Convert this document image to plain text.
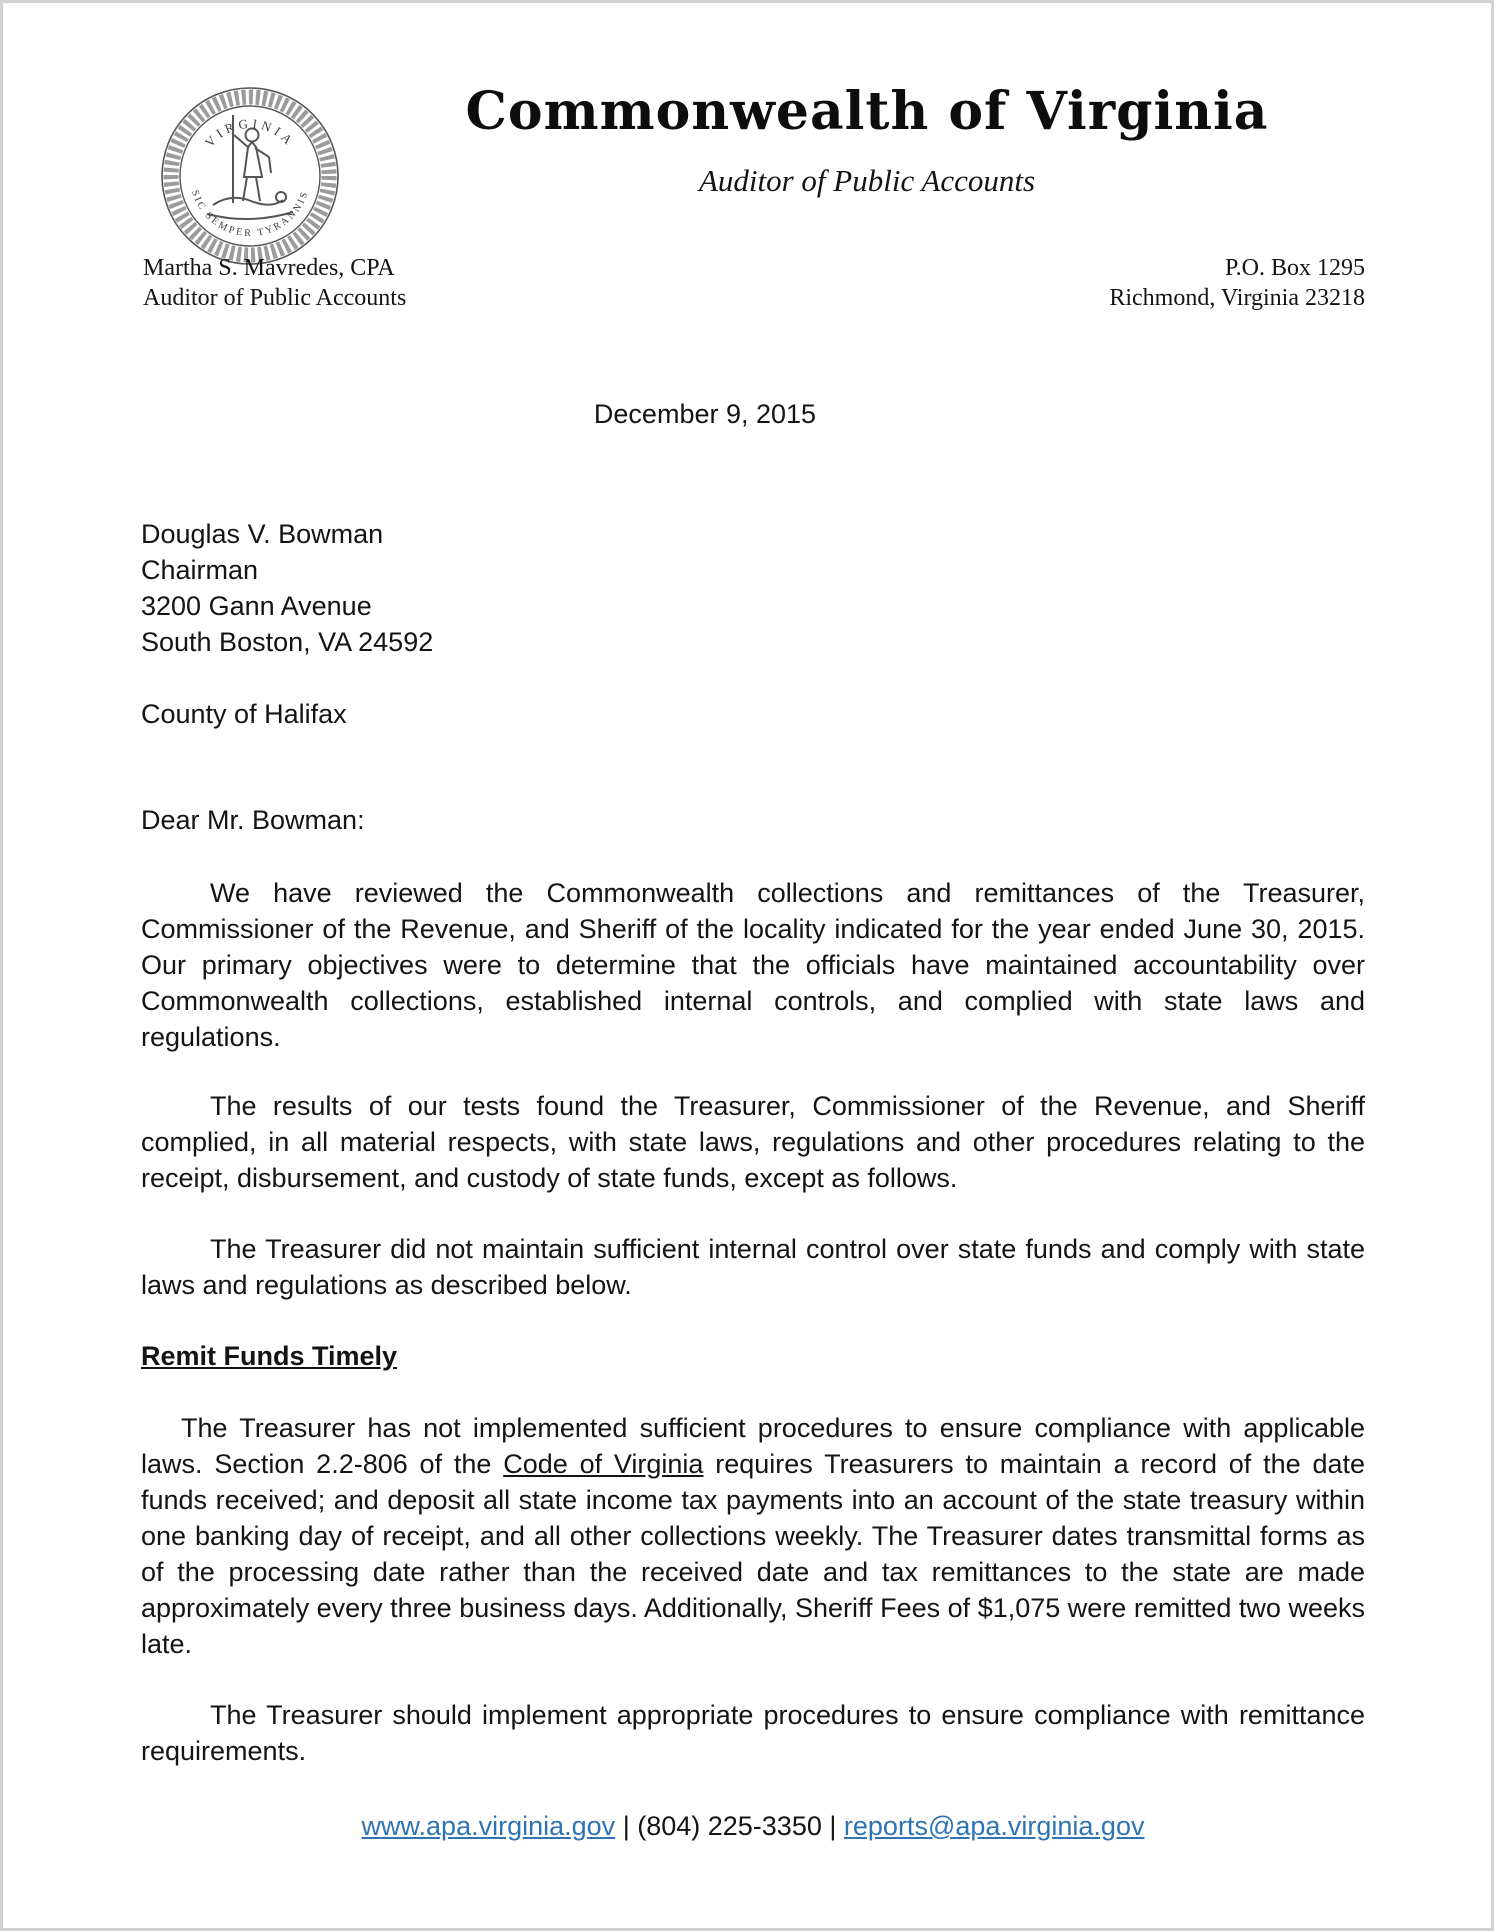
VIRGINIA
SIC SEMPER TYRANNIS
Commonwealth of Virginia
Auditor of Public Accounts
Martha S. Mavredes, CPA
Auditor of Public Accounts
P.O. Box 1295
Richmond, Virginia 23218
December 9, 2015
Douglas V. Bowman
Chairman
3200 Gann Avenue
South Boston, VA 24592
County of Halifax
Dear Mr. Bowman:
We have reviewed the Commonwealth collections and remittances of the Treasurer, Commissioner of the Revenue, and Sheriff of the locality indicated for the year ended June 30, 2015. Our primary objectives were to determine that the officials have maintained accountability over Commonwealth collections, established internal controls, and complied with state laws and regulations.
The results of our tests found the Treasurer, Commissioner of the Revenue, and Sheriff complied, in all material respects, with state laws, regulations and other procedures relating to the receipt, disbursement, and custody of state funds, except as follows.
The Treasurer did not maintain sufficient internal control over state funds and comply with state laws and regulations as described below.
Remit Funds Timely
The Treasurer has not implemented sufficient procedures to ensure compliance with applicable laws. Section 2.2-806 of the Code of Virginia requires Treasurers to maintain a record of the date funds received; and deposit all state income tax payments into an account of the state treasury within one banking day of receipt, and all other collections weekly. The Treasurer dates transmittal forms as of the processing date rather than the received date and tax remittances to the state are made approximately every three business days. Additionally, Sheriff Fees of $1,075 were remitted two weeks late.
The Treasurer should implement appropriate procedures to ensure compliance with remittance requirements.
www.apa.virginia.gov | (804) 225-3350 | reports@apa.virginia.gov
